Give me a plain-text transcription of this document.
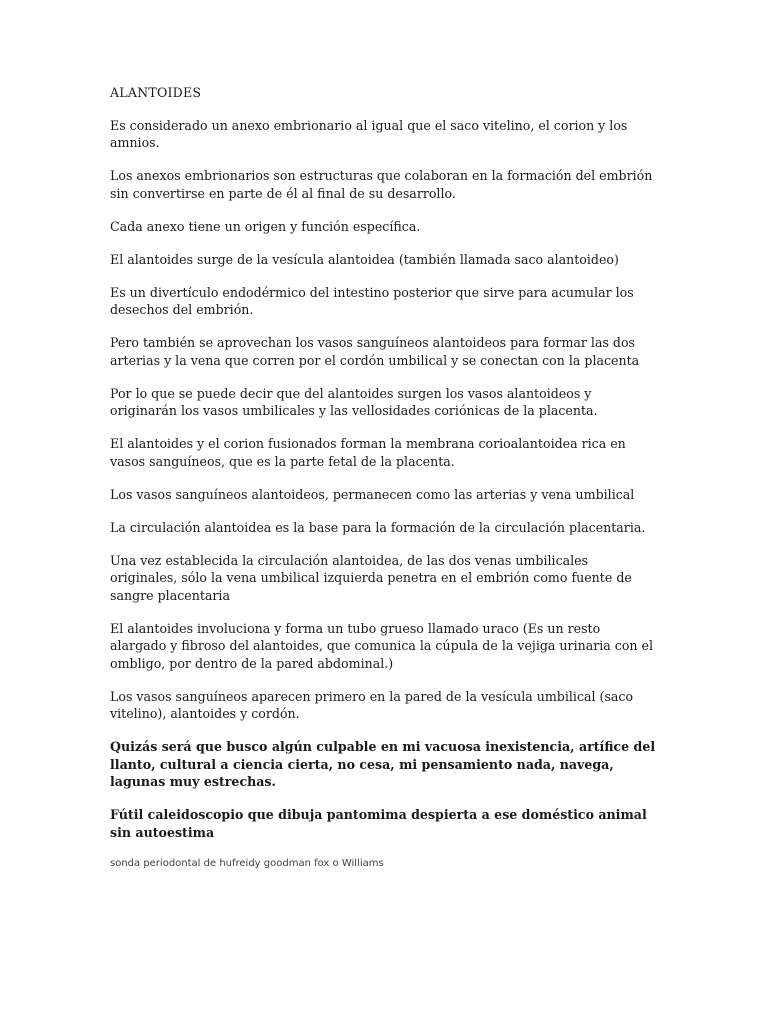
ALANTOIDES

Es considerado un anexo embrionario al igual que el saco vitelino, el corion y los amnios.

Los anexos embrionarios son estructuras que colaboran en la formación del embrión sin convertirse en parte de él al final de su desarrollo.

Cada anexo tiene un origen y función específica.

El alantoides surge de la vesícula alantoidea (también llamada saco alantoideo)

Es un divertículo endodérmico del intestino posterior que sirve para acumular los desechos del embrión.

Pero también se aprovechan los vasos sanguíneos alantoideos para formar las dos arterias y la vena que corren por el cordón umbilical y se conectan con la placenta

Por lo que se puede decir que del alantoides surgen los vasos alantoideos y originarán los vasos umbilicales y las vellosidades coriónicas de la placenta.

El alantoides y el corion fusionados forman la membrana corioalantoidea rica en vasos sanguíneos, que es la parte fetal de la placenta.

Los vasos sanguíneos alantoideos, permanecen como las arterias y vena umbilical

La circulación alantoidea es la base para la formación de la circulación placentaria.

Una vez establecida la circulación alantoidea, de las dos venas umbilicales originales, sólo la vena umbilical izquierda penetra en el embrión como fuente de sangre placentaria

El alantoides involuciona y forma un tubo grueso llamado uraco (Es un resto alargado y fibroso del alantoides, que comunica la cúpula de la vejiga urinaria con el ombligo, por dentro de la pared abdominal.)

Los vasos sanguíneos aparecen primero en la pared de la vesícula umbilical (saco vitelino), alantoides y cordón.

Quizás será que busco algún culpable en mi vacuosa inexistencia, artífice del llanto, cultural a ciencia cierta, no cesa, mi pensamiento nada, navega, lagunas muy estrechas.

Fútil caleidoscopio que dibuja pantomima despierta a ese doméstico animal sin autoestima

sonda periodontal de hufreidy goodman fox o Williams
